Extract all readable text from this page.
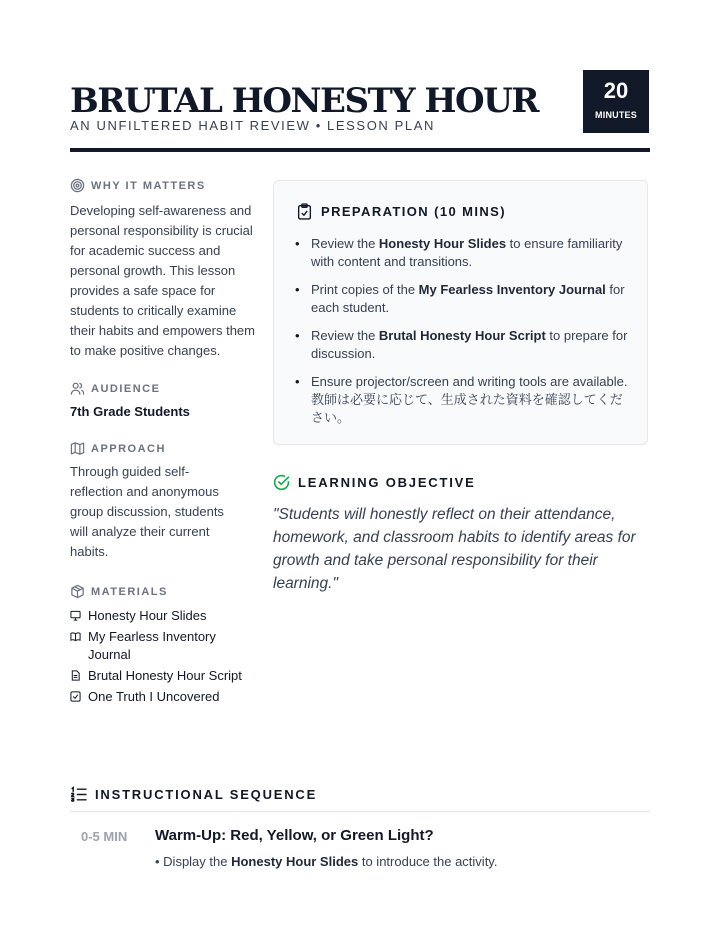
BRUTAL HONESTY HOUR
AN UNFILTERED HABIT REVIEW • LESSON PLAN
20
MINUTES
WHY IT MATTERS
Developing self-awareness and personal responsibility is crucial for academic success and personal growth. This lesson provides a safe space for students to critically examine their habits and empowers them to make positive changes.
AUDIENCE
7th Grade Students
APPROACH
Through guided self-reflection and anonymous group discussion, students will analyze their current habits.
MATERIALS
Honesty Hour Slides
My Fearless Inventory Journal
Brutal Honesty Hour Script
One Truth I Uncovered
PREPARATION (10 MINS)
• Review the Honesty Hour Slides to ensure familiarity with content and transitions.
• Print copies of the My Fearless Inventory Journal for each student.
• Review the Brutal Honesty Hour Script to prepare for discussion.
• Ensure projector/screen and writing tools are available. 教師は必要に応じて、生成された資料を確認してください。
LEARNING OBJECTIVE
"Students will honestly reflect on their attendance, homework, and classroom habits to identify areas for growth and take personal responsibility for their learning."
INSTRUCTIONAL SEQUENCE
0-5 MIN Warm-Up: Red, Yellow, or Green Light?
• Display the Honesty Hour Slides to introduce the activity.
